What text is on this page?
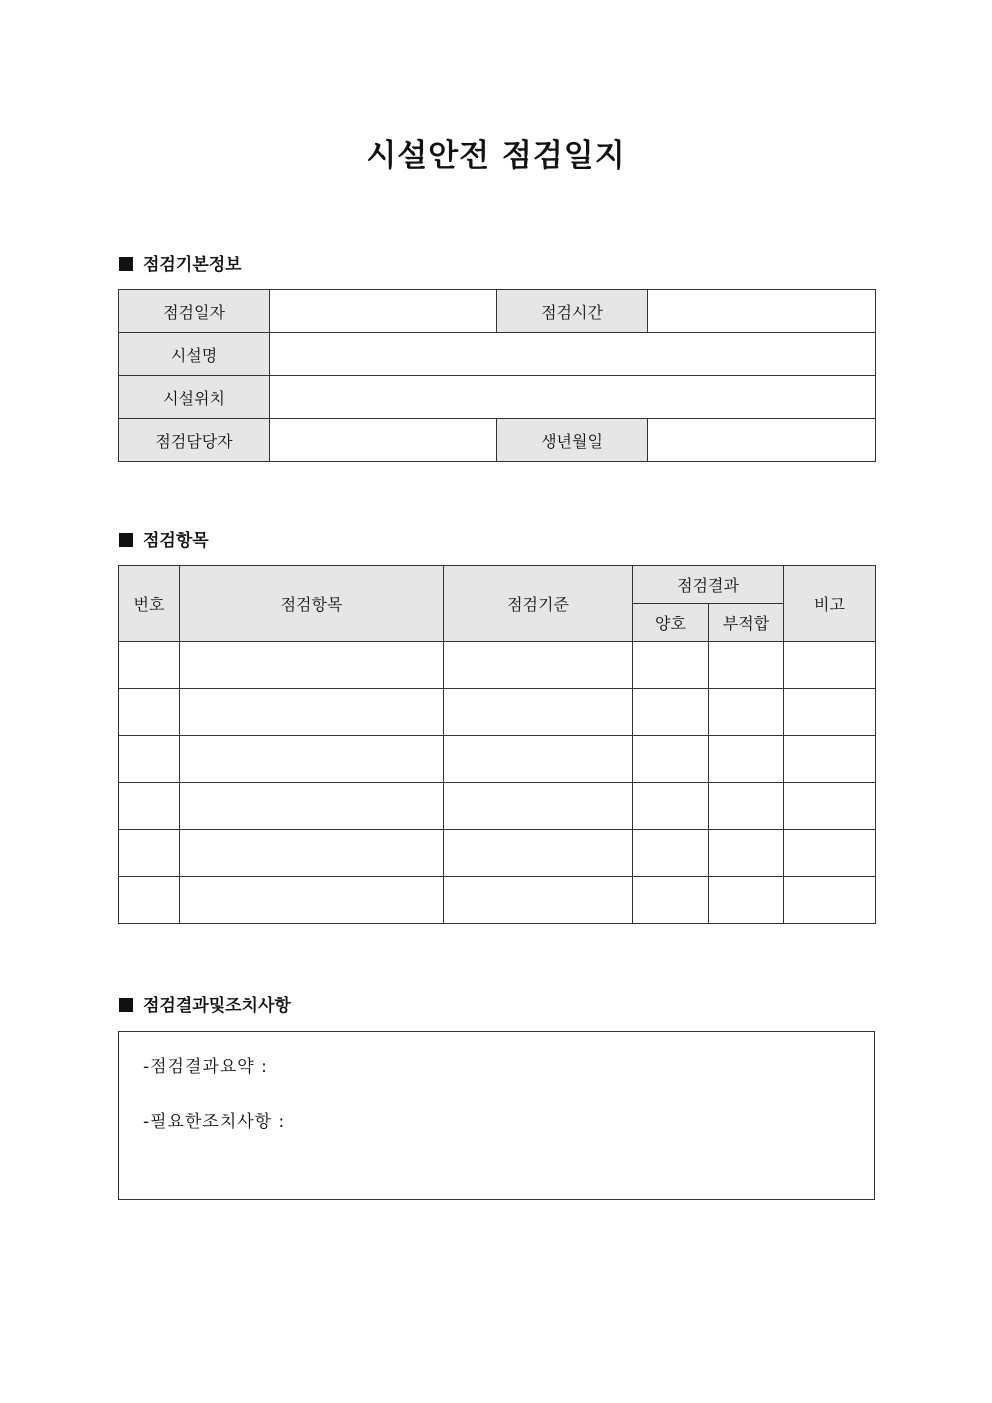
시설안전 점검일지
점검기본정보
점검일자		점검시간	
시설명			
시설위치			
점검담당자		생년월일	
점검항목
번호	점검항목	점검기준	점검결과		비고
			양호	부적합	

점검결과및조치사항
-점검결과요약 :
-필요한조치사항 :
